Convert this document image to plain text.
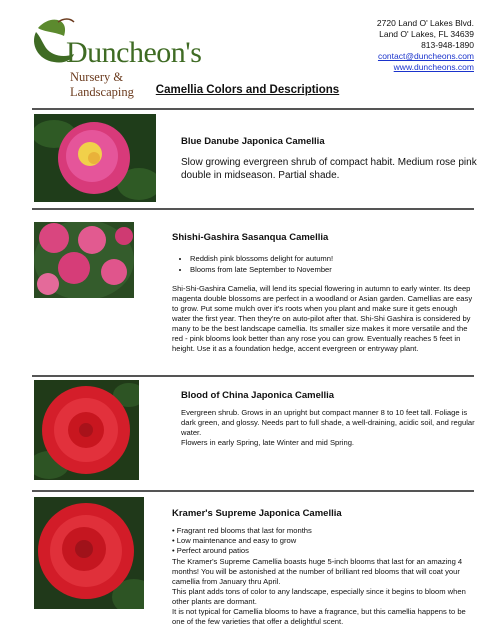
Duncheon's
Nursery & Landscaping
2720 Land O' Lakes Blvd.
Land O' Lakes, FL 34639
813-948-1890
contact@duncheons.com
www.duncheons.com
Camellia Colors and Descriptions
Blue Danube Japonica Camellia
Slow growing evergreen shrub of compact habit. Medium rose pink double in midseason. Partial shade.
Shishi-Gashira Sasanqua Camellia
• Reddish pink blossoms delight for autumn!
• Blooms from late September to November
Shi-Shi-Gashira Camelia, will lend its special flowering in autumn to early winter. Its deep magenta double blossoms are perfect in a woodland or Asian garden. Camellias are easy to grow. Put some mulch over it's roots when you plant and make sure it gets enough water the first year. Then they're on auto-pilot after that. Shi-Shi Gashira is considered by many to be the best landscape camellia. Its smaller size makes it more versatile and the red - pink blooms look better than any rose you can grow. Eventually reaches 5 feet in height. Use it as a foundation hedge, accent evergreen or entryway plant.
Blood of China Japonica Camellia
Evergreen shrub. Grows in an upright but compact manner 8 to 10 feet tall. Foliage is dark green, and glossy. Needs part to full shade, a well-draining, acidic soil, and regular water.
Flowers in early Spring, late Winter and mid Spring.
Kramer's Supreme Japonica Camellia
• Fragrant red blooms that last for months
• Low maintenance and easy to grow
• Perfect around patios
The Kramer's Supreme Camellia boasts huge 5-inch blooms that last for an amazing 4 months! You will be astonished at the number of brilliant red blooms that will coat your camellia from January thru April.
This plant adds tons of color to any landscape, especially since it begins to bloom when other plants are dormant.
It is not typical for Camellia blooms to have a fragrance, but this camellia happens to be one of the few varieties that offer a delightful scent.
